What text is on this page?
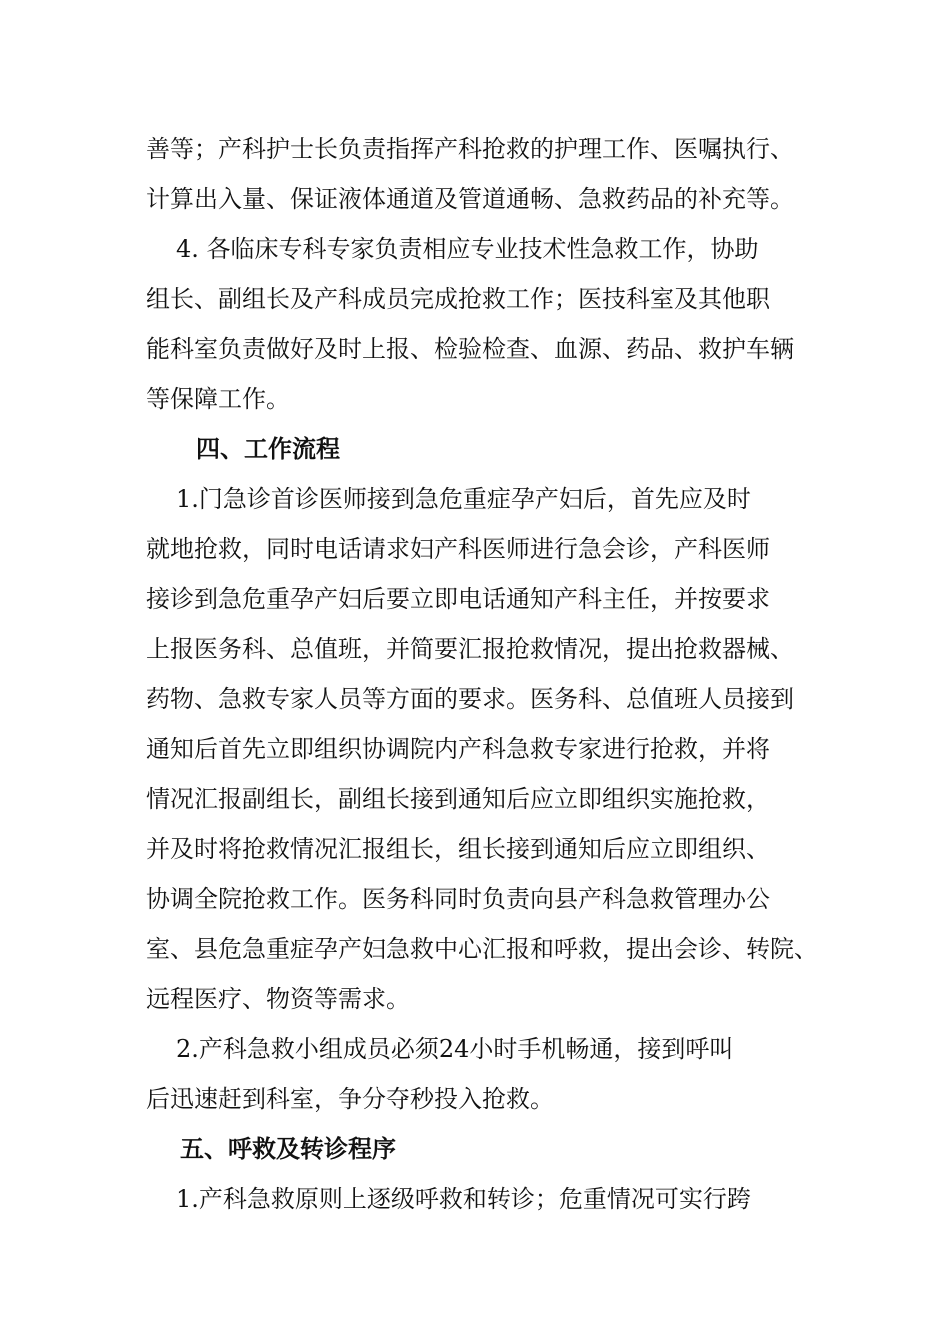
善等；产科护士长负责指挥产科抢救的护理工作、医嘱执行、
计算出入量、保证液体通道及管道通畅、急救药品的补充等。
4. 各临床专科专家负责相应专业技术性急救工作，协助
组长、副组长及产科成员完成抢救工作；医技科室及其他职
能科室负责做好及时上报、检验检查、血源、药品、救护车辆
等保障工作。
四、工作流程
1.门急诊首诊医师接到急危重症孕产妇后，首先应及时
就地抢救，同时电话请求妇产科医师进行急会诊，产科医师
接诊到急危重孕产妇后要立即电话通知产科主任，并按要求
上报医务科、总值班，并简要汇报抢救情况，提出抢救器械、
药物、急救专家人员等方面的要求。医务科、总值班人员接到
通知后首先立即组织协调院内产科急救专家进行抢救，并将
情况汇报副组长，副组长接到通知后应立即组织实施抢救，
并及时将抢救情况汇报组长，组长接到通知后应立即组织、
协调全院抢救工作。医务科同时负责向县产科急救管理办公
室、县危急重症孕产妇急救中心汇报和呼救，提出会诊、转院、
远程医疗、物资等需求。
2.产科急救小组成员必须24小时手机畅通，接到呼叫
后迅速赶到科室，争分夺秒投入抢救。
五、呼救及转诊程序
1.产科急救原则上逐级呼救和转诊；危重情况可实行跨
